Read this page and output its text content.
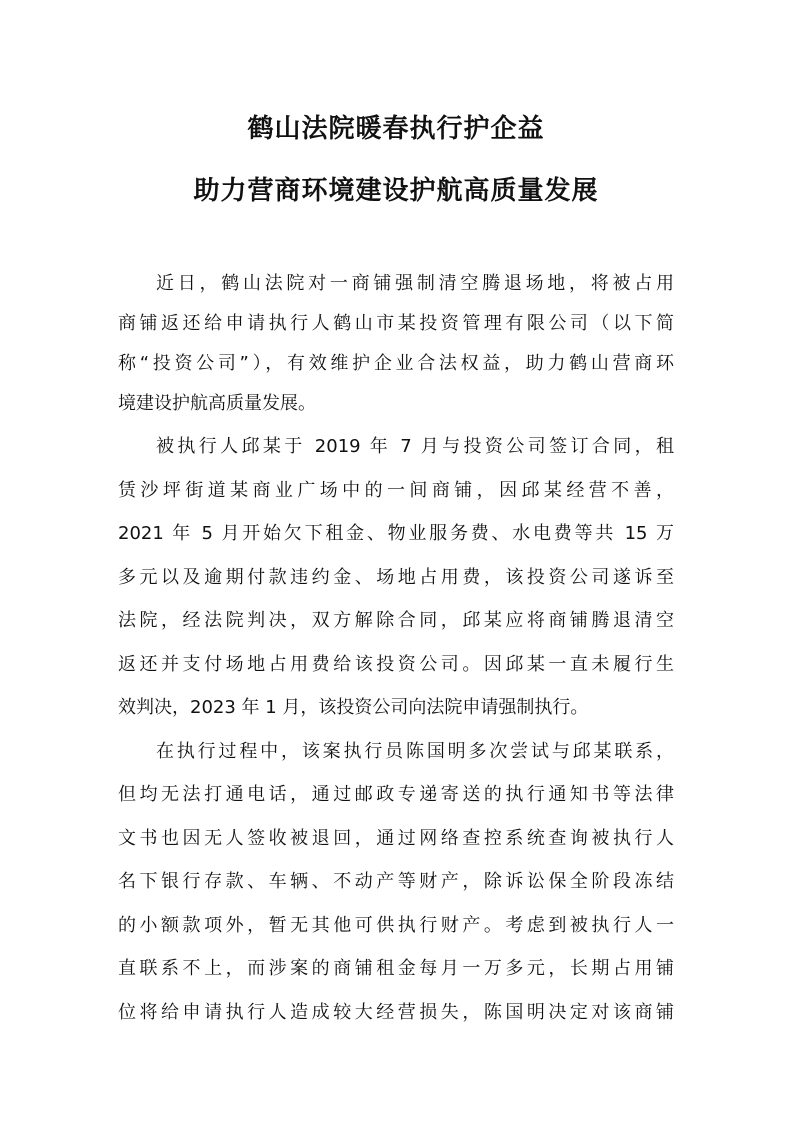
鹤山法院暖春执行护企益
助力营商环境建设护航高质量发展
近日，鹤山法院对一商铺强制清空腾退场地，将被占用
商铺返还给申请执行人鹤山市某投资管理有限公司（以下简
称“投资公司”），有效维护企业合法权益，助力鹤山营商环
境建设护航高质量发展。
被执行人邱某于 2019 年 7 月与投资公司签订合同，租
赁沙坪街道某商业广场中的一间商铺，因邱某经营不善，
2021 年 5 月开始欠下租金、物业服务费、水电费等共 15 万
多元以及逾期付款违约金、场地占用费，该投资公司遂诉至
法院，经法院判决，双方解除合同，邱某应将商铺腾退清空
返还并支付场地占用费给该投资公司。因邱某一直未履行生
效判决，2023 年 1 月，该投资公司向法院申请强制执行。
在执行过程中，该案执行员陈国明多次尝试与邱某联系，
但均无法打通电话，通过邮政专递寄送的执行通知书等法律
文书也因无人签收被退回，通过网络查控系统查询被执行人
名下银行存款、车辆、不动产等财产，除诉讼保全阶段冻结
的小额款项外，暂无其他可供执行财产。考虑到被执行人一
直联系不上，而涉案的商铺租金每月一万多元，长期占用铺
位将给申请执行人造成较大经营损失，陈国明决定对该商铺
